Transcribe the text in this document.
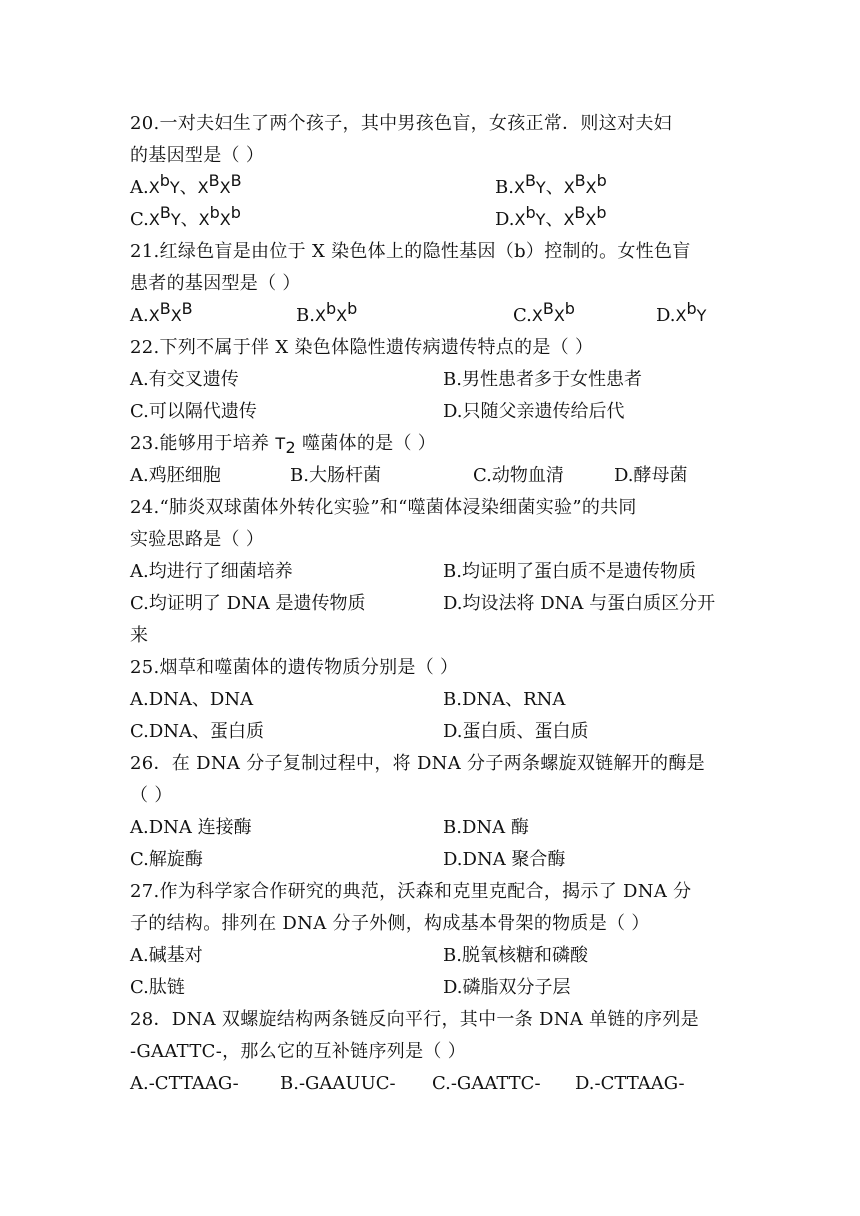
20.一对夫妇生了两个孩子，其中男孩色盲，女孩正常．则这对夫妇
的基因型是（ ）
$A.X^bY$、$X^BX^B$	$B.X^BY$、$X^BX^b$
$C.X^BY$、$X^bX^b$	$D.X^bY$、$X^BX^b$
21.红绿色盲是由位于 X 染色体上的隐性基因（b）控制的。女性色盲
患者的基因型是（ ）
$A.X^BX^B$	$B.X^bX^b$	$C.X^BX^b$	$D.X^bY$
22.下列不属于伴 X 染色体隐性遗传病遗传特点的是（ ）
A.有交叉遗传	B.男性患者多于女性患者
C.可以隔代遗传	D.只随父亲遗传给后代
23.能够用于培养 $T_2$ 噬菌体的是（ ）
A.鸡胚细胞	B.大肠杆菌	C.动物血清	D.酵母菌
24.“肺炎双球菌体外转化实验”和“噬菌体浸染细菌实验”的共同
实验思路是（ ）
A.均进行了细菌培养	B.均证明了蛋白质不是遗传物质
C.均证明了 DNA 是遗传物质	D.均设法将 DNA 与蛋白质区分开
来
25.烟草和噬菌体的遗传物质分别是（ ）
A.DNA、DNA	B.DNA、RNA
C.DNA、蛋白质	D.蛋白质、蛋白质
26．在 DNA 分子复制过程中，将 DNA 分子两条螺旋双链解开的酶是
（ ）
A.DNA 连接酶	B.DNA 酶
C.解旋酶	D.DNA 聚合酶
27.作为科学家合作研究的典范，沃森和克里克配合，揭示了 DNA 分
子的结构。排列在 DNA 分子外侧，构成基本骨架的物质是（ ）
A.碱基对	B.脱氧核糖和磷酸
C.肽链	D.磷脂双分子层
28．DNA 双螺旋结构两条链反向平行，其中一条 DNA 单链的序列是
-GAATTC-，那么它的互补链序列是（ ）
A.-CTTAAG- B.-GAAUUC- C.-GAATTC- D.-CTTAAG-
